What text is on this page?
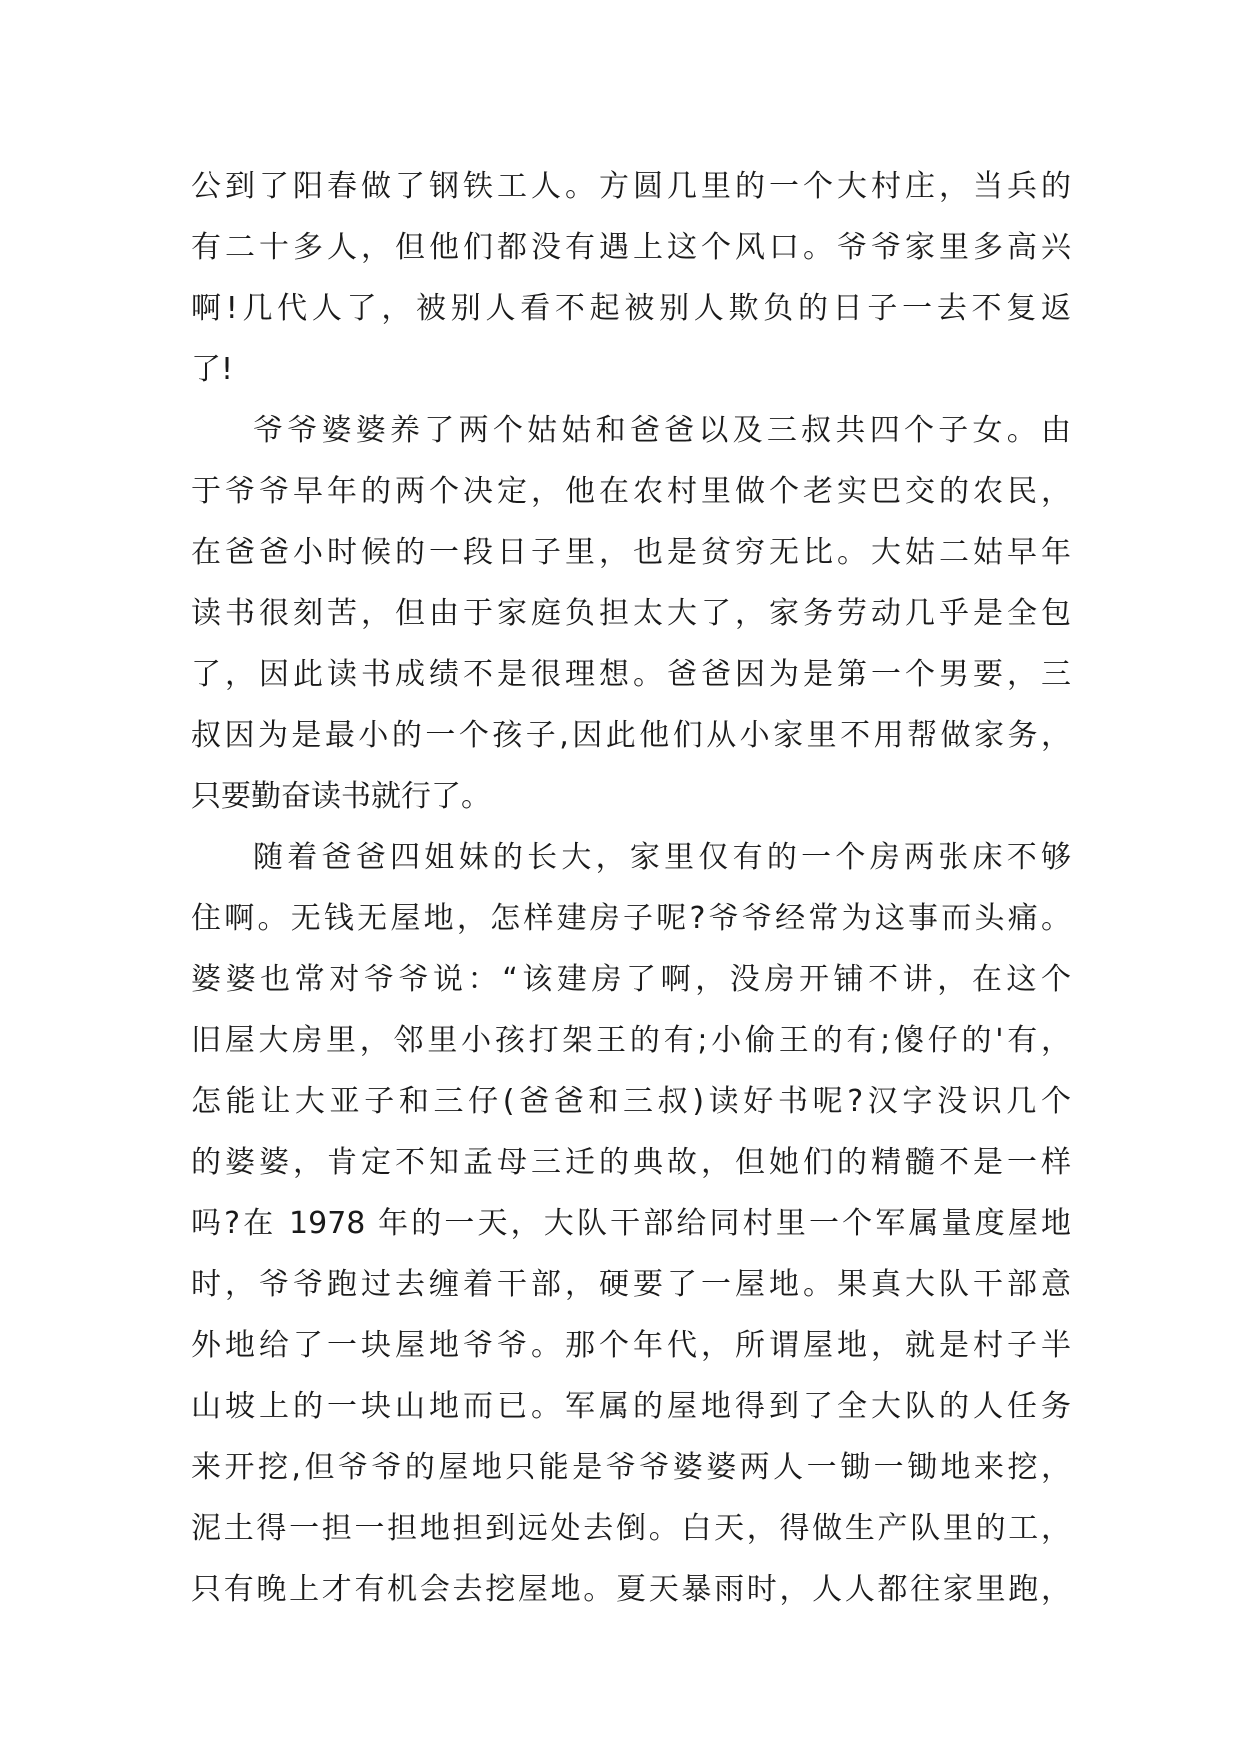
公到了阳春做了钢铁工人。方圆几里的一个大村庄，当兵的
有二十多人，但他们都没有遇上这个风口。爷爷家里多高兴
啊!几代人了，被别人看不起被别人欺负的日子一去不复返
了!
爷爷婆婆养了两个姑姑和爸爸以及三叔共四个子女。由
于爷爷早年的两个决定，他在农村里做个老实巴交的农民，
在爸爸小时候的一段日子里，也是贫穷无比。大姑二姑早年
读书很刻苦，但由于家庭负担太大了，家务劳动几乎是全包
了，因此读书成绩不是很理想。爸爸因为是第一个男要，三
叔因为是最小的一个孩子,因此他们从小家里不用帮做家务，
只要勤奋读书就行了。
随着爸爸四姐妹的长大，家里仅有的一个房两张床不够
住啊。无钱无屋地，怎样建房子呢?爷爷经常为这事而头痛。
婆婆也常对爷爷说：“该建房了啊，没房开铺不讲，在这个
旧屋大房里，邻里小孩打架王的有;小偷王的有;傻仔的'有，
怎能让大亚子和三仔(爸爸和三叔)读好书呢?汉字没识几个
的婆婆，肯定不知孟母三迁的典故，但她们的精髓不是一样
吗?在 1978 年的一天，大队干部给同村里一个军属量度屋地
时，爷爷跑过去缠着干部，硬要了一屋地。果真大队干部意
外地给了一块屋地爷爷。那个年代，所谓屋地，就是村子半
山坡上的一块山地而已。军属的屋地得到了全大队的人任务
来开挖,但爷爷的屋地只能是爷爷婆婆两人一锄一锄地来挖，
泥土得一担一担地担到远处去倒。白天，得做生产队里的工，
只有晚上才有机会去挖屋地。夏天暴雨时，人人都往家里跑，
